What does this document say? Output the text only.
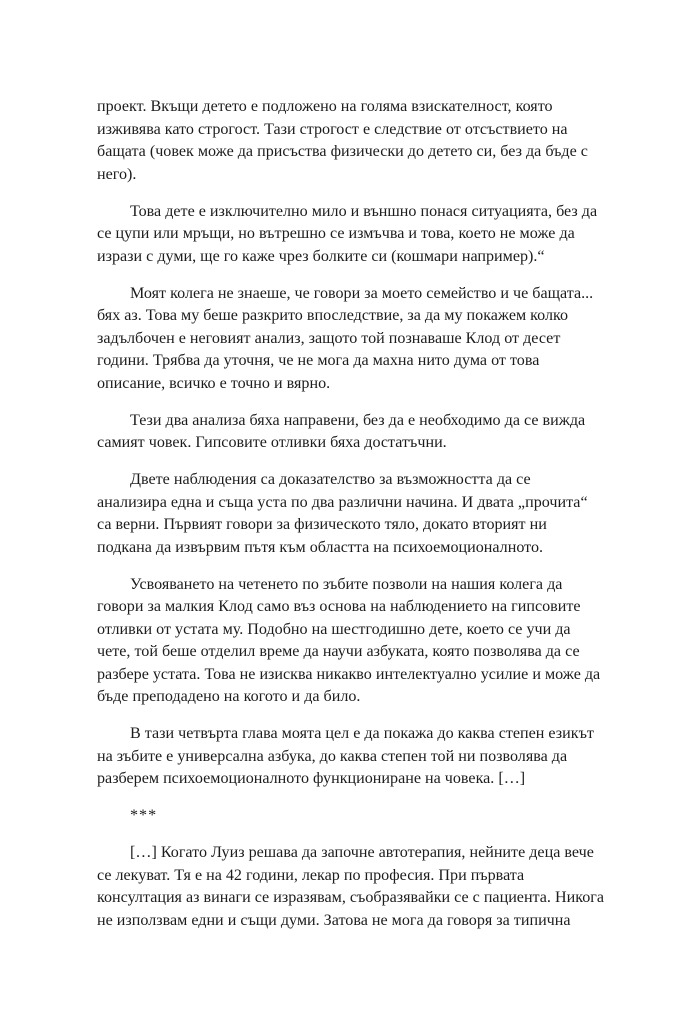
проект. Вкъщи детето е подложено на голяма взискателност, която
изживява като строгост. Тази строгост е следствие от отсъствието на
бащата (човек може да присъства физически до детето си, без да бъде с
него).
Това дете е изключително мило и външно понася ситуацията, без да
се цупи или мръщи, но вътрешно се измъчва и това, което не може да
изрази с думи, ще го каже чрез болките си (кошмари например).“
Моят колега не знаеше, че говори за моето семейство и че бащата...
бях аз. Това му беше разкрито впоследствие, за да му покажем колко
задълбочен е неговият анализ, защото той познаваше Клод от десет
години. Трябва да уточня, че не мога да махна нито дума от това
описание, всичко е точно и вярно.
Тези два анализа бяха направени, без да е необходимо да се вижда
самият човек. Гипсовите отливки бяха достатъчни.
Двете наблюдения са доказателство за възможността да се
анализира една и съща уста по два различни начина. И двата „прочита“
са верни. Първият говори за физическото тяло, докато вторият ни
подкана да извървим пътя към областта на психоемоционалното.
Усвояването на четенето по зъбите позволи на нашия колега да
говори за малкия Клод само въз основа на наблюдението на гипсовите
отливки от устата му. Подобно на шестгодишно дете, което се учи да
чете, той беше отделил време да научи азбуката, която позволява да се
разбере устата. Това не изисква никакво интелектуално усилие и може да
бъде преподадено на когото и да било.
В тази четвърта глава моята цел е да покажа до каква степен езикът
на зъбите е универсална азбука, до каква степен той ни позволява да
разберем психоемоционалното функциониране на човека. […]
***
[…] Когато Луиз решава да започне автотерапия, нейните деца вече
се лекуват. Тя е на 42 години, лекар по професия. При първата
консултация аз винаги се изразявам, съобразявайки се с пациента. Никога
не използвам едни и същи думи. Затова не мога да говоря за типична
